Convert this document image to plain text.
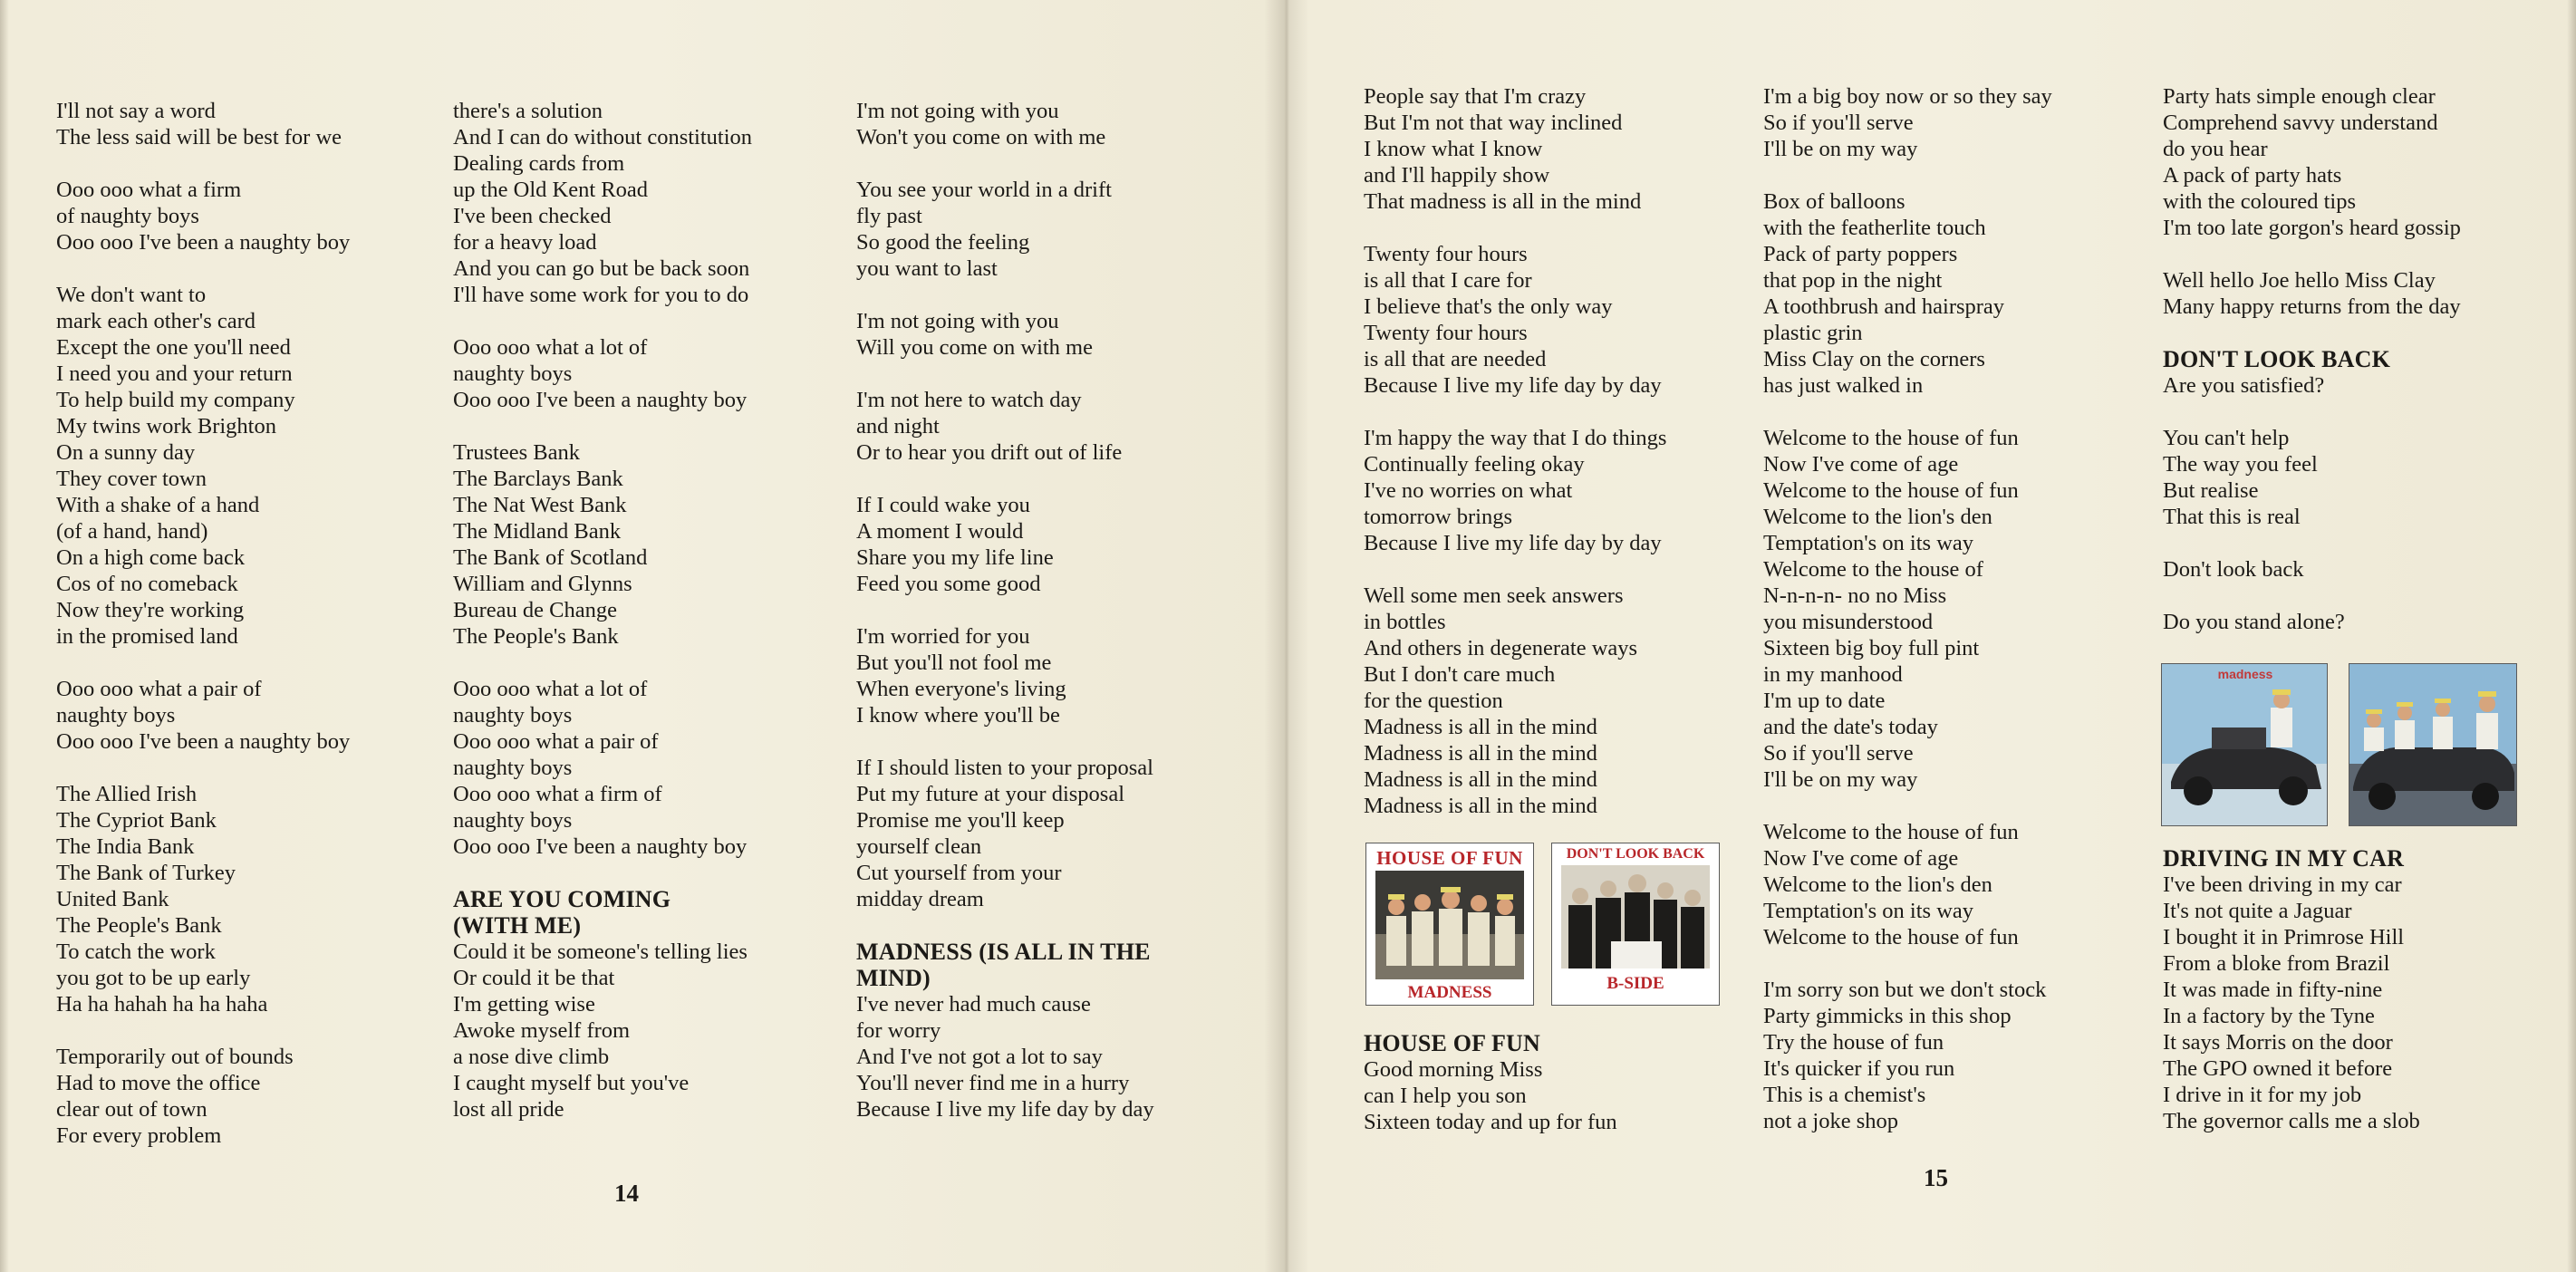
I'll not say a word
The less said will be best for we
Ooo ooo what a firm
of naughty boys
Ooo ooo I've been a naughty boy
We don't want to
mark each other's card
Except the one you'll need
I need you and your return
To help build my company
My twins work Brighton
On a sunny day
They cover town
With a shake of a hand
(of a hand, hand)
On a high come back
Cos of no comeback
Now they're working
in the promised land
Ooo ooo what a pair of
naughty boys
Ooo ooo I've been a naughty boy
The Allied Irish
The Cypriot Bank
The India Bank
The Bank of Turkey
United Bank
The People's Bank
To catch the work
you got to be up early
Ha ha hahah ha ha haha
Temporarily out of bounds
Had to move the office
clear out of town
For every problem
there's a solution
And I can do without constitution
Dealing cards from
up the Old Kent Road
I've been checked
for a heavy load
And you can go but be back soon
I'll have some work for you to do
Ooo ooo what a lot of
naughty boys
Ooo ooo I've been a naughty boy
Trustees Bank
The Barclays Bank
The Nat West Bank
The Midland Bank
The Bank of Scotland
William and Glynns
Bureau de Change
The People's Bank
Ooo ooo what a lot of
naughty boys
Ooo ooo what a pair of
naughty boys
Ooo ooo what a firm of
naughty boys
Ooo ooo I've been a naughty boy
ARE YOU COMING
(WITH ME)
Could it be someone's telling lies
Or could it be that
I'm getting wise
Awoke myself from
a nose dive climb
I caught myself but you've
lost all pride
I'm not going with you
Won't you come on with me
You see your world in a drift
fly past
So good the feeling
you want to last
I'm not going with you
Will you come on with me
I'm not here to watch day
and night
Or to hear you drift out of life
If I could wake you
A moment I would
Share you my life line
Feed you some good
I'm worried for you
But you'll not fool me
When everyone's living
I know where you'll be
If I should listen to your proposal
Put my future at your disposal
Promise me you'll keep
yourself clean
Cut yourself from your
midday dream
MADNESS (IS ALL IN THE
MIND)
I've never had much cause
for worry
And I've not got a lot to say
You'll never find me in a hurry
Because I live my life day by day
People say that I'm crazy
But I'm not that way inclined
I know what I know
and I'll happily show
That madness is all in the mind
Twenty four hours
is all that I care for
I believe that's the only way
Twenty four hours
is all that are needed
Because I live my life day by day
I'm happy the way that I do things
Continually feeling okay
I've no worries on what
tomorrow brings
Because I live my life day by day
Well some men seek answers
in bottles
And others in degenerate ways
But I don't care much
for the question
Madness is all in the mind
Madness is all in the mind
Madness is all in the mind
Madness is all in the mind
I'm a big boy now or so they say
So if you'll serve
I'll be on my way
Box of balloons
with the featherlite touch
Pack of party poppers
that pop in the night
A toothbrush and hairspray
plastic grin
Miss Clay on the corners
has just walked in
Welcome to the house of fun
Now I've come of age
Welcome to the house of fun
Welcome to the lion's den
Temptation's on its way
Welcome to the house of
N-n-n-n- no no Miss
you misunderstood
Sixteen big boy full pint
in my manhood
I'm up to date
and the date's today
So if you'll serve
I'll be on my way
Welcome to the house of fun
Now I've come of age
Welcome to the lion's den
Temptation's on its way
Welcome to the house of fun
I'm sorry son but we don't stock
Party gimmicks in this shop
Try the house of fun
It's quicker if you run
This is a chemist's
not a joke shop
Party hats simple enough clear
Comprehend savvy understand
do you hear
A pack of party hats
with the coloured tips
I'm too late gorgon's heard gossip
Well hello Joe hello Miss Clay
Many happy returns from the day
DON'T LOOK BACK
Are you satisfied?
You can't help
The way you feel
But realise
That this is real
Don't look back
Do you stand alone?
HOUSE OF FUN
Good morning Miss
can I help you son
Sixteen today and up for fun
DRIVING IN MY CAR
I've been driving in my car
It's not quite a Jaguar
I bought it in Primrose Hill
From a bloke from Brazil
It was made in fifty-nine
In a factory by the Tyne
It says Morris on the door
The GPO owned it before
I drive in it for my job
The governor calls me a slob
HOUSE OF FUN
MADNESS
DON'T LOOK BACK
B-SIDE
madness
14
15
